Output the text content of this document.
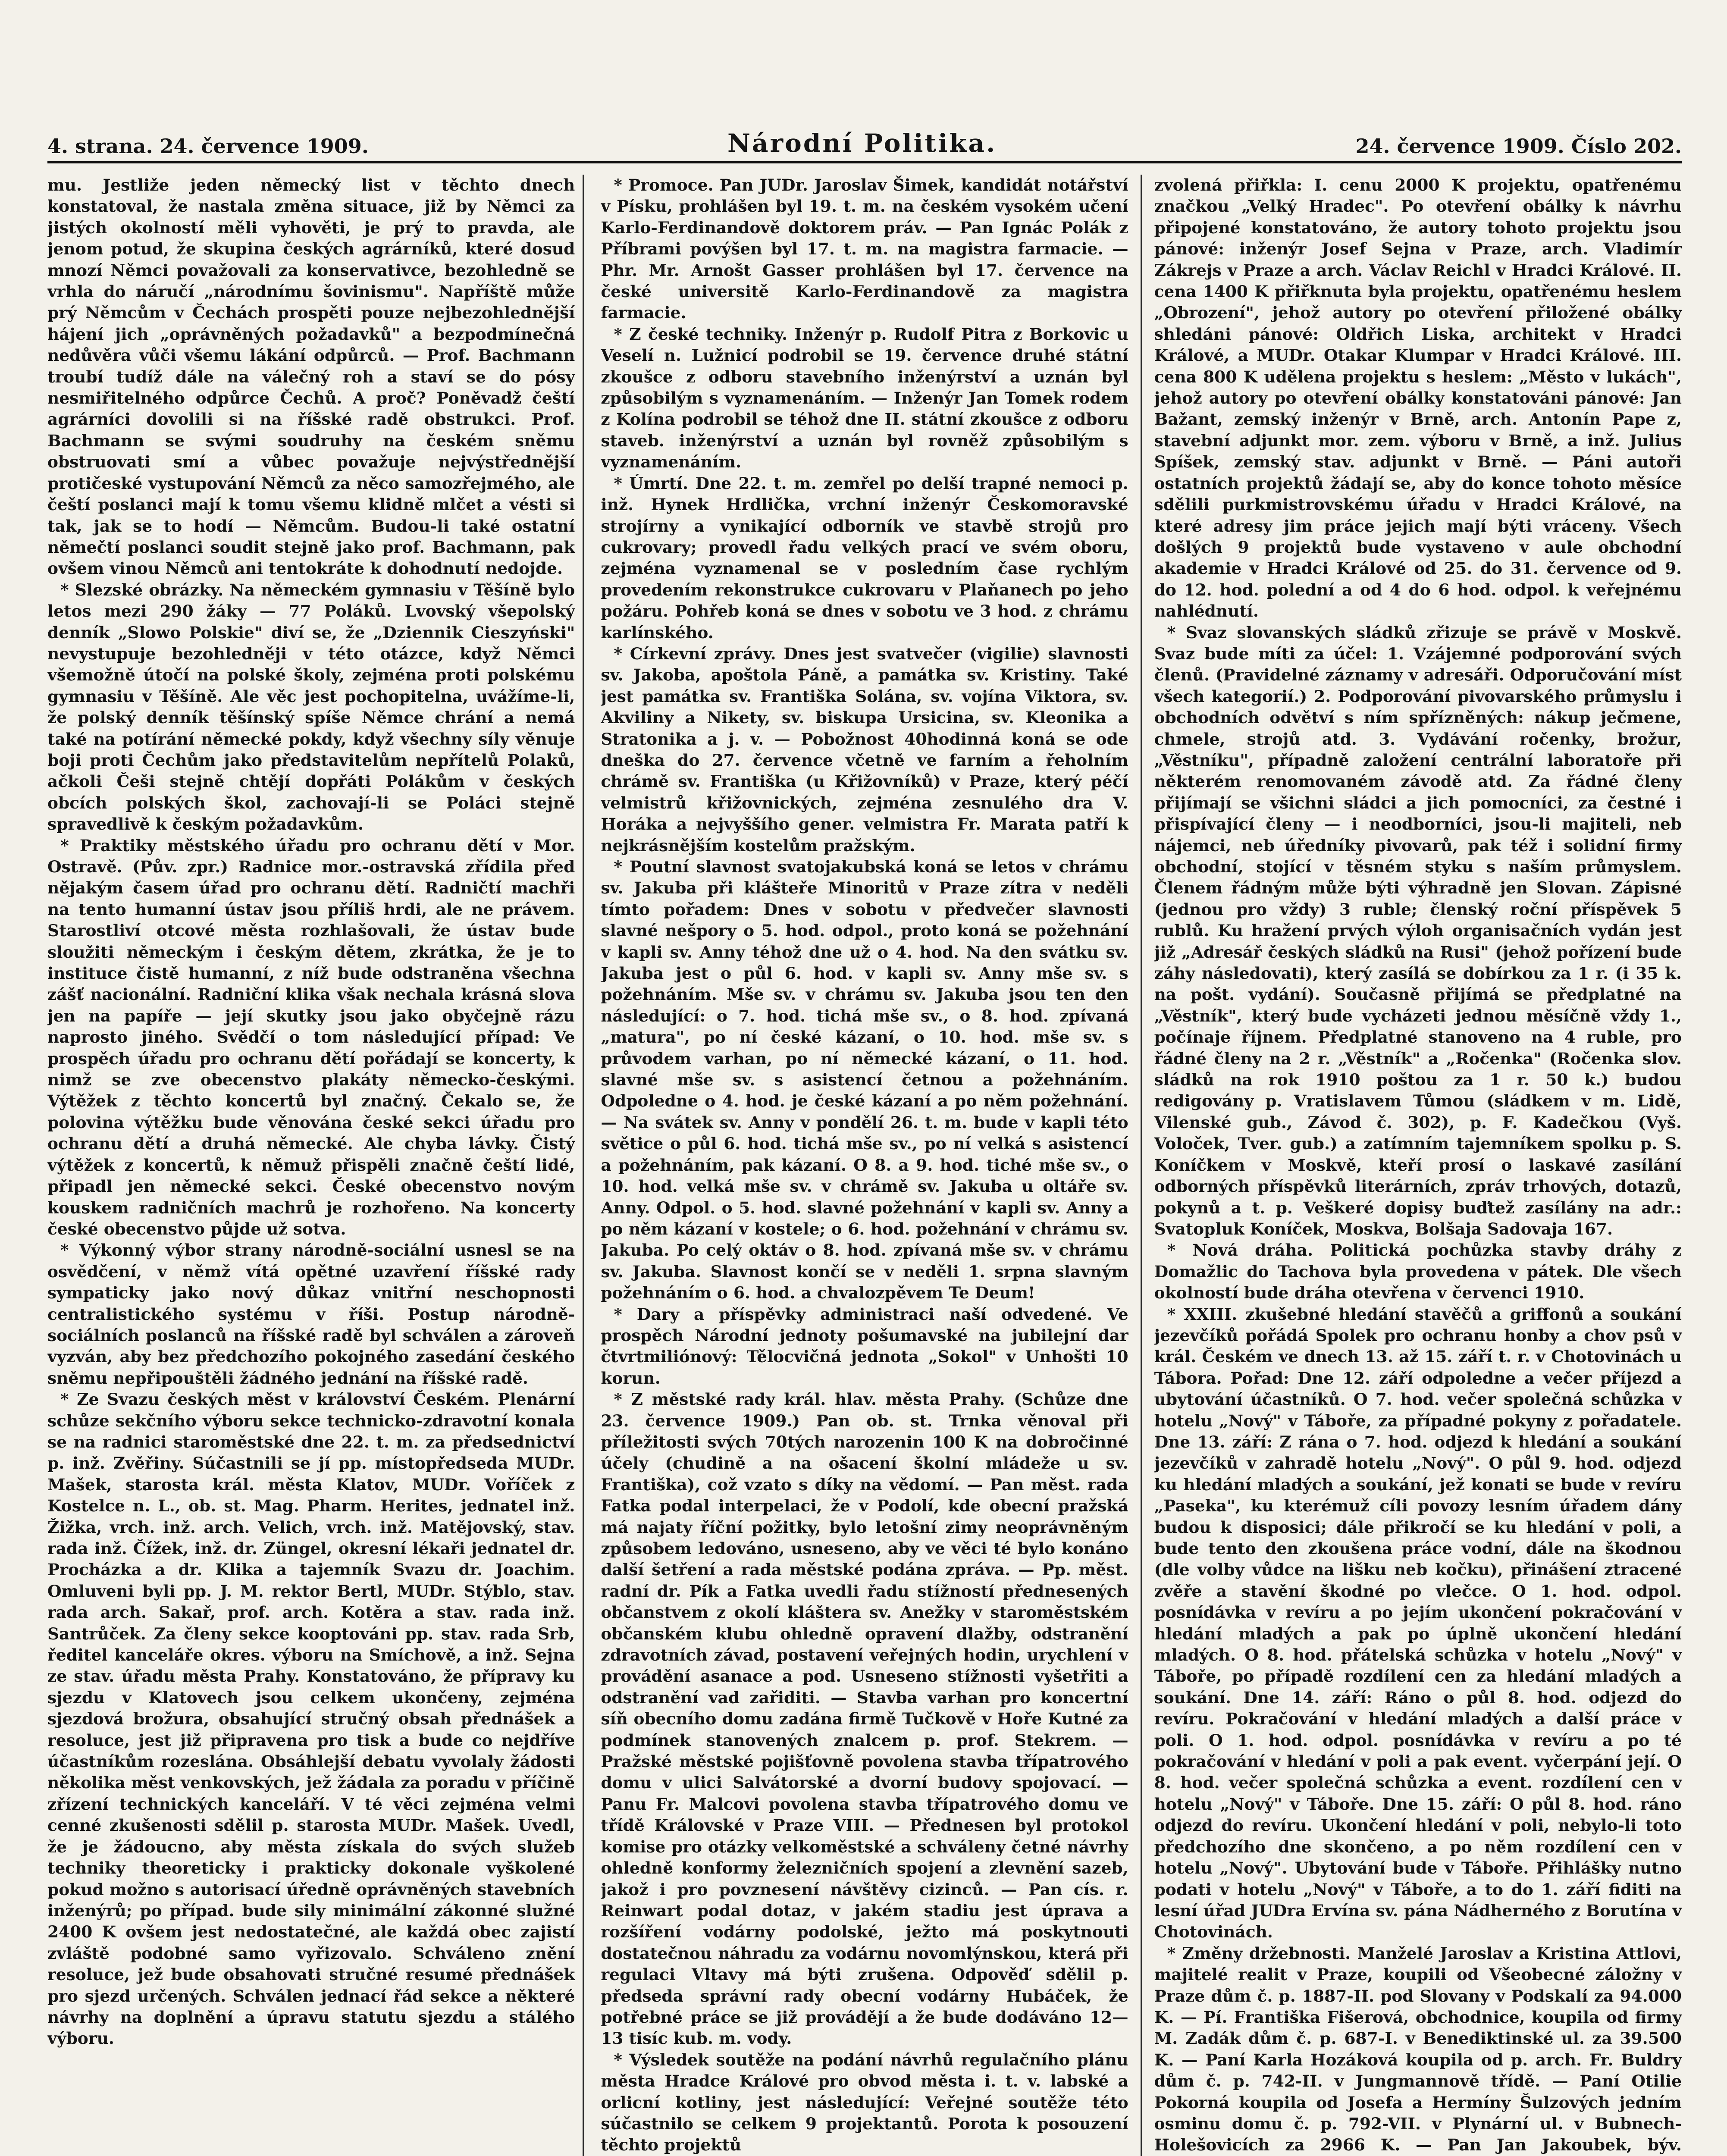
4. strana. 24. července 1909.	Národní Politika.	24. července 1909. Číslo 202.

mu. Jestliže jeden německý list v těchto dnech konstatoval, že nastala změna situace, již by Němci za jistých okolností měli vyhověti, je prý to pravda, ale jenom potud, že skupina českých agrárníků, které dosud mnozí Němci považovali za konservativce, bezohledně se vrhla do náručí „národnímu šovinismu". Napříště může prý Němcům v Čechách prospěti pouze nejbezohlednější hájení jich „oprávněných požadavků" a bezpodmínečná nedůvěra vůči všemu lákání odpůrců. — Prof. Bachmann troubí tudíž dále na válečný roh a staví se do pósy nesmiřitelného odpůrce Čechů. A proč? Poněvadž čeští agrárníci dovolili si na říšské radě obstrukci. Prof. Bachmann se svými soudruhy na českém sněmu obstruovati smí a vůbec považuje nejvýstřednější protičeské vystupování Němců za něco samozřejmého, ale čeští poslanci mají k tomu všemu klidně mlčet a vésti si tak, jak se to hodí — Němcům. Budou-li také ostatní němečtí poslanci soudit stejně jako prof. Bachmann, pak ovšem vinou Němců ani tentokráte k dohodnutí nedojde.

* Slezské obrázky. Na německém gymnasiu v Těšíně bylo letos mezi 290 žáky — 77 Poláků. Lvovský všepolský denník „Slowo Polskie" diví se, že „Dziennik Cieszyński" nevystupuje bezohledněji v této otázce, když Němci všemožně útočí na polské školy, zejména proti polskému gymnasiu v Těšíně. Ale věc jest pochopitelna, uvážíme-li, že polský denník těšínský spíše Němce chrání a nemá také na potírání německé pokdy, když všechny síly věnuje boji proti Čechům jako představitelům nepřítelů Polaků, ačkoli Češi stejně chtějí dopřáti Polákům v českých obcích polských škol, zachovají-li se Poláci stejně spravedlivě k českým požadavkům.

* Praktiky městského úřadu pro ochranu dětí v Mor. Ostravě. (Pův. zpr.) Radnice mor.-ostravská zřídila před nějakým časem úřad pro ochranu dětí. Radničtí machři na tento humanní ústav jsou příliš hrdi, ale ne právem. Starostliví otcové města rozhlašovali, že ústav bude sloužiti německým i českým dětem, zkrátka, že je to instituce čistě humanní, z níž bude odstraněna všechna zášť nacionální. Radniční klika však nechala krásná slova jen na papíře — její skutky jsou jako obyčejně rázu naprosto jiného. Svědčí o tom následující případ: Ve prospěch úřadu pro ochranu dětí pořádají se koncerty, k nimž se zve obecenstvo plakáty německo-českými. Výtěžek z těchto koncertů byl značný. Čekalo se, že polovina výtěžku bude věnována české sekci úřadu pro ochranu dětí a druhá německé. Ale chyba lávky. Čistý výtěžek z koncertů, k němuž přispěli značně čeští lidé, připadl jen německé sekci. České obecenstvo novým kouskem radničních machrů je rozhořeno. Na koncerty české obecenstvo půjde už sotva.

* Výkonný výbor strany národně-sociální usnesl se na osvědčení, v němž vítá opětné uzavření říšské rady sympaticky jako nový důkaz vnitřní neschopnosti centralistického systému v říši. Postup národně-sociálních poslanců na říšské radě byl schválen a zároveň vyzván, aby bez předchozího pokojného zasedání českého sněmu nepřipouštěli žádného jednání na říšské radě.

* Ze Svazu českých měst v království Českém. Plenární schůze sekčního výboru sekce technicko-zdravotní konala se na radnici staroměstské dne 22. t. m. za předsednictví p. inž. Zvěřiny. Súčastnili se jí pp. místopředseda MUDr. Mašek, starosta král. města Klatov, MUDr. Voříček z Kostelce n. L., ob. st. Mag. Pharm. Herites, jednatel inž. Žižka, vrch. inž. arch. Velich, vrch. inž. Matějovský, stav. rada inž. Čížek, inž. dr. Züngel, okresní lékaři jednatel dr. Procházka a dr. Klika a tajemník Svazu dr. Joachim. Omluveni byli pp. J. M. rektor Bertl, MUDr. Stýblo, stav. rada arch. Sakař, prof. arch. Kotěra a stav. rada inž. Santrůček. Za členy sekce kooptováni pp. stav. rada Srb, ředitel kanceláře okres. výboru na Smíchově, a inž. Sejna ze stav. úřadu města Prahy. Konstatováno, že přípravy ku sjezdu v Klatovech jsou celkem ukončeny, zejména sjezdová brožura, obsahující stručný obsah přednášek a resoluce, jest již připravena pro tisk a bude co nejdříve účastníkům rozeslána. Obsáhlejší debatu vyvolaly žádosti několika měst venkovských, jež žádala za poradu v příčině zřízení technických kanceláří. V té věci zejména velmi cenné zkušenosti sdělil p. starosta MUDr. Mašek. Uvedl, že je žádoucno, aby města získala do svých služeb techniky theoreticky i prakticky dokonale vyškolené pokud možno s autorisací úředně oprávněných stavebních inženýrů; po případ. bude sily minimální zákonné služné 2400 K ovšem jest nedostatečné, ale každá obec zajistí zvláště podobné samo vyřizovalo. Schváleno znění resoluce, jež bude obsahovati stručné resumé přednášek pro sjezd určených. Schválen jednací řád sekce a některé návrhy na doplnění a úpravu statutu sjezdu a stálého výboru.

* Promoce. Pan JUDr. Jaroslav Šimek, kandidát notářství v Písku, prohlášen byl 19. t. m. na českém vysokém učení Karlo-Ferdinandově doktorem práv. — Pan Ignác Polák z Příbrami povýšen byl 17. t. m. na magistra farmacie. — Phr. Mr. Arnošt Gasser prohlášen byl 17. července na české universitě Karlo-Ferdinandově za magistra farmacie.

* Z české techniky. Inženýr p. Rudolf Pitra z Borkovic u Veselí n. Lužnicí podrobil se 19. července druhé státní zkoušce z odboru stavebního inženýrství a uznán byl způsobilým s vyznamenáním. — Inženýr Jan Tomek rodem z Kolína podrobil se téhož dne II. státní zkoušce z odboru staveb. inženýrství a uznán byl rovněž způsobilým s vyznamenáním.

* Úmrtí. Dne 22. t. m. zemřel po delší trapné nemoci p. inž. Hynek Hrdlička, vrchní inženýr Českomoravské strojírny a vynikající odborník ve stavbě strojů pro cukrovary; provedl řadu velkých prací ve svém oboru, zejména vyznamenal se v posledním čase rychlým provedením rekonstrukce cukrovaru v Plaňanech po jeho požáru. Pohřeb koná se dnes v sobotu ve 3 hod. z chrámu karlínského.

* Církevní zprávy. Dnes jest svatvečer (vigilie) slavnosti sv. Jakoba, apoštola Páně, a památka sv. Kristiny. Také jest památka sv. Františka Solána, sv. vojína Viktora, sv. Akviliny a Nikety, sv. biskupa Ursicina, sv. Kleonika a Stratonika a j. v. — Pobožnost 40hodinná koná se ode dneška do 27. července včetně ve farním a řeholním chrámě sv. Františka (u Křižovníků) v Praze, který péčí velmistrů křižovnických, zejména zesnulého dra V. Horáka a nejvyššího gener. velmistra Fr. Marata patří k nejkrásnějším kostelům pražským.

* Poutní slavnost svatojakubská koná se letos v chrámu sv. Jakuba při klášteře Minoritů v Praze zítra v neděli tímto pořadem: Dnes v sobotu v předvečer slavnosti slavné nešpory o 5. hod. odpol., proto koná se požehnání v kapli sv. Anny téhož dne už o 4. hod. Na den svátku sv. Jakuba jest o půl 6. hod. v kapli sv. Anny mše sv. s požehnáním. Mše sv. v chrámu sv. Jakuba jsou ten den následující: o 7. hod. tichá mše sv., o 8. hod. zpívaná „matura", po ní české kázaní, o 10. hod. mše sv. s průvodem varhan, po ní německé kázaní, o 11. hod. slavné mše sv. s asistencí četnou a požehnáním. Odpoledne o 4. hod. je české kázaní a po něm požehnání. — Na svátek sv. Anny v pondělí 26. t. m. bude v kapli této světice o půl 6. hod. tichá mše sv., po ní velká s asistencí a požehnáním, pak kázaní. O 8. a 9. hod. tiché mše sv., o 10. hod. velká mše sv. v chrámě sv. Jakuba u oltáře sv. Anny. Odpol. o 5. hod. slavné požehnání v kapli sv. Anny a po něm kázaní v kostele; o 6. hod. požehnání v chrámu sv. Jakuba. Po celý oktáv o 8. hod. zpívaná mše sv. v chrámu sv. Jakuba. Slavnost končí se v neděli 1. srpna slavným požehnáním o 6. hod. a chvalozpěvem Te Deum!

* Dary a příspěvky administraci naší odvedené. Ve prospěch Národní jednoty pošumavské na jubilejní dar čtvrtmiliónový: Tělocvičná jednota „Sokol" v Unhošti 10 korun.

* Z městské rady král. hlav. města Prahy. (Schůze dne 23. července 1909.) Pan ob. st. Trnka věnoval při příležitosti svých 70tých narozenin 100 K na dobročinné účely (chudině a na ošacení školní mládeže u sv. Františka), což vzato s díky na vědomí. — Pan měst. rada Fatka podal interpelaci, že v Podolí, kde obecní pražská má najaty říční požitky, bylo letošní zimy neoprávněným způsobem ledováno, usneseno, aby ve věci té bylo konáno další šetření a rada městské podána zpráva. — Pp. měst. radní dr. Pík a Fatka uvedli řadu stížností přednesených občanstvem z okolí kláštera sv. Anežky v staroměstském občanském klubu ohledně opravení dlažby, odstranění zdravotních závad, postavení veřejných hodin, urychlení v provádění asanace a pod. Usneseno stížnosti vyšetřiti a odstranění vad zařiditi. — Stavba varhan pro koncertní síň obecního domu zadána firmě Tučkově v Hoře Kutné za podmínek stanovených znalcem p. prof. Stekrem. — Pražské městské pojišťovně povolena stavba třípatrového domu v ulici Salvátorské a dvorní budovy spojovací. — Panu Fr. Malcovi povolena stavba třípatrového domu ve třídě Královské v Praze VIII. — Přednesen byl protokol komise pro otázky velkoměstské a schváleny četné návrhy ohledně konformy železničních spojení a zlevnění sazeb, jakož i pro povznesení návštěvy cizinců. — Pan cís. r. Reinwart podal dotaz, v jakém stadiu jest úprava a rozšíření vodárny podolské, ježto má poskytnouti dostatečnou náhradu za vodárnu novomlýnskou, která při regulaci Vltavy má býti zrušena. Odpověď sdělil p. předseda správní rady obecní vodárny Hubáček, že potřebné práce se již provádějí a že bude dodáváno 12—13 tisíc kub. m. vody.

* Výsledek soutěže na podání návrhů regulačního plánu města Hradce Králové pro obvod města i. t. v. labské a orlicní kotliny, jest následující: Veřejné soutěže této súčastnilo se celkem 9 projektantů. Porota k posouzení těchto projektů

zvolená přiřkla: I. cenu 2000 K projektu, opatřenému značkou „Velký Hradec". Po otevření obálky k návrhu připojené konstatováno, že autory tohoto projektu jsou pánové: inženýr Josef Sejna v Praze, arch. Vladimír Zákrejs v Praze a arch. Václav Reichl v Hradci Králové. II. cena 1400 K přiřknuta byla projektu, opatřenému heslem „Obrození", jehož autory po otevření přiložené obálky shledáni pánové: Oldřich Liska, architekt v Hradci Králové, a MUDr. Otakar Klumpar v Hradci Králové. III. cena 800 K udělena projektu s heslem: „Město v lukách", jehož autory po otevření obálky konstatováni pánové: Jan Bažant, zemský inženýr v Brně, arch. Antonín Pape z, stavební adjunkt mor. zem. výboru v Brně, a inž. Julius Spíšek, zemský stav. adjunkt v Brně. — Páni autoři ostatních projektů žádají se, aby do konce tohoto měsíce sdělili purkmistrovskému úřadu v Hradci Králové, na které adresy jim práce jejich mají býti vráceny. Všech došlých 9 projektů bude vystaveno v aule obchodní akademie v Hradci Králové od 25. do 31. července od 9. do 12. hod. polední a od 4 do 6 hod. odpol. k veřejnému nahlédnutí.

* Svaz slovanských sládků zřizuje se právě v Moskvě. Svaz bude míti za účel: 1. Vzájemné podporování svých členů. (Pravidelné záznamy v adresáři. Odporučování míst všech kategorií.) 2. Podporování pivovarského průmyslu i obchodních odvětví s ním spřízněných: nákup ječmene, chmele, strojů atd. 3. Vydávání ročenky, brožur, „Věstníku", případně založení centrální laboratoře při některém renomovaném závodě atd. Za řádné členy přijímají se všichni sládci a jich pomocníci, za čestné i přispívající členy — i neodborníci, jsou-li majiteli, neb nájemci, neb úředníky pivovarů, pak též i solidní firmy obchodní, stojící v těsném styku s naším průmyslem. Členem řádným může býti výhradně jen Slovan. Zápisné (jednou pro vždy) 3 ruble; členský roční příspěvek 5 rublů. Ku hražení prvých výloh organisačních vydán jest již „Adresář českých sládků na Rusi" (jehož pořízení bude záhy následovati), který zasílá se dobírkou za 1 r. (i 35 k. na pošt. vydání). Současně přijímá se předplatné na „Věstník", který bude vycházeti jednou měsíčně vždy 1., počínaje říjnem. Předplatné stanoveno na 4 ruble, pro řádné členy na 2 r. „Věstník" a „Ročenka" (Ročenka slov. sládků na rok 1910 poštou za 1 r. 50 k.) budou redigovány p. Vratislavem Tůmou (sládkem v m. Lidě, Vilenské gub., Závod č. 302), p. F. Kadečkou (Vyš. Voloček, Tver. gub.) a zatímním tajemníkem spolku p. S. Koníčkem v Moskvě, kteří prosí o laskavé zasílání odborných příspěvků literárních, zpráv trhových, dotazů, pokynů a t. p. Veškeré dopisy buďtež zasílány na adr.: Svatopluk Koníček, Moskva, Bolšaja Sadovaja 167.

* Nová dráha. Politická pochůzka stavby dráhy z Domažlic do Tachova byla provedena v pátek. Dle všech okolností bude dráha otevřena v červenci 1910.

* XXIII. zkušebné hledání stavěčů a griffonů a soukání jezevčíků pořádá Spolek pro ochranu honby a chov psů v král. Českém ve dnech 13. až 15. září t. r. v Chotovinách u Tábora. Pořad: Dne 12. září odpoledne a večer příjezd a ubytování účastníků. O 7. hod. večer společná schůzka v hotelu „Nový" v Táboře, za případné pokyny z pořadatele. Dne 13. září: Z rána o 7. hod. odjezd k hledání a soukání jezevčíků v zahradě hotelu „Nový". O půl 9. hod. odjezd ku hledání mladých a soukání, jež konati se bude v revíru „Paseka", ku kterémuž cíli povozy lesním úřadem dány budou k disposici; dále přikročí se ku hledání v poli, a bude tento den zkoušena práce vodní, dále na škodnou (dle volby vůdce na lišku neb kočku), přinášení ztracené zvěře a stavění škodné po vlečce. O 1. hod. odpol. posnídávka v revíru a po jejím ukončení pokračování v hledání mladých a pak po úplně ukončení hledání mladých. O 8. hod. přátelská schůzka v hotelu „Nový" v Táboře, po případě rozdílení cen za hledání mladých a soukání. Dne 14. září: Ráno o půl 8. hod. odjezd do revíru. Pokračování v hledání mladých a další práce v poli. O 1. hod. odpol. posnídávka v revíru a po té pokračování v hledání v poli a pak event. vyčerpání její. O 8. hod. večer společná schůzka a event. rozdílení cen v hotelu „Nový" v Táboře. Dne 15. září: O půl 8. hod. ráno odjezd do revíru. Ukončení hledání v poli, nebylo-li toto předchozího dne skončeno, a po něm rozdílení cen v hotelu „Nový". Ubytování bude v Táboře. Přihlášky nutno podati v hotelu „Nový" v Táboře, a to do 1. září fiditi na lesní úřad JUDra Ervína sv. pána Nádherného z Borutína v Chotovinách.

* Změny držebnosti. Manželé Jaroslav a Kristina Attlovi, majitelé realit v Praze, koupili od Všeobecné záložny v Praze dům č. p. 1887-II. pod Slovany v Podskalí za 94.000 K. — Pí. Františka Fišerová, obchodnice, koupila od firmy M. Zadák dům č. p. 687-I. v Benediktinské ul. za 39.500 K. — Paní Karla Hozáková koupila od p. arch. Fr. Buldry dům č. p. 742-II. v Jungmannově třídě. — Paní Otilie Pokorná koupila od Josefa a Hermíny Šulzových jedním osminu domu č. p. 792-VII. v Plynární ul. v Bubnech-Holešovicích za 2966 K. — Pan Jan Jakoubek, býv.
